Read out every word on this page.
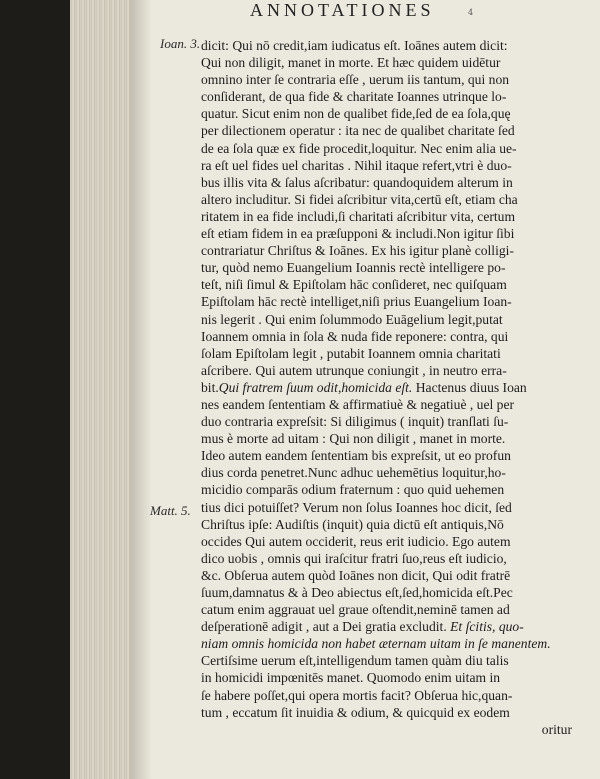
ANNOTATIONES	4
Ioan. 3.
Matt. 5.
dicit: Qui nō credit,iam iudicatus eſt. Ioānes autem dicit:
Qui non diligit, manet in morte. Et hæc quidem uidētur
omnino inter ſe contraria eſſe , uerum iis tantum, qui non
conſiderant, de qua fide & charitate Ioannes utrinque lo-
quatur. Sicut enim non de qualibet fide,ſed de ea ſola,quę
per dilectionem operatur : ita nec de qualibet charitate ſed
de ea ſola quæ ex fide procedit,loquitur. Nec enim alia ue-
ra eſt uel fides uel charitas . Nihil itaque refert,vtri è duo-
bus illis vita & ſalus aſcribatur: quandoquidem alterum in
altero includitur. Si fidei aſcribitur vita,certū eſt, etiam cha
ritatem in ea fide includi,ſi charitati aſcribitur vita, certum
eſt etiam fidem in ea præſupponi & includi.Non igitur ſibi
contrariatur Chriſtus & Ioānes. Ex his igitur planè colligi-
tur, quòd nemo Euangelium Ioannis rectè intelligere po-
teſt, niſi ſimul & Epiſtolam hāc conſideret, nec quiſquam
Epiſtolam hāc rectè intelliget,niſi prius Euangelium Ioan-
nis legerit . Qui enim ſolummodo Euāgelium legit,putat
Ioannem omnia in ſola & nuda fide reponere: contra, qui
ſolam Epiſtolam legit , putabit Ioannem omnia charitati
aſcribere. Qui autem utrunque coniungit , in neutro erra-
bit.Qui fratrem ſuum odit,homicida eſt. Hactenus diuus Ioan
nes eandem ſententiam & affirmatiuè & negatiuè , uel per
duo contraria expreſsit: Si diligimus ( inquit) tranſlati ſu-
mus è morte ad uitam : Qui non diligit , manet in morte.
Ideo autem eandem ſententiam bis expreſsit, ut eo profun
dius corda penetret.Nunc adhuc uehemētius loquitur,ho-
micidio comparās odium fraternum : quo quid uehemen
tius dici potuiſſet? Verum non ſolus Ioannes hoc dicit, ſed
Chriſtus ipſe: Audiſtis (inquit) quia dictū eſt antiquis,Nō
occides Qui autem occiderit, reus erit iudicio. Ego autem
dico uobis , omnis qui iraſcitur fratri ſuo,reus eſt iudicio,
&c. Obſerua autem quòd Ioānes non dicit, Qui odit fratrē
ſuum,damnatus & à Deo abiectus eſt,ſed,homicida eſt.Pec
catum enim aggrauat uel graue oſtendit,neminē tamen ad
deſperationē adigit , aut a Dei gratia excludit. Et ſcitis, quo-
niam omnis homicida non habet æternam uitam in ſe manentem.
Certiſsime uerum eſt,intelligendum tamen quàm diu talis
in homicidi impœnitēs manet. Quomodo enim uitam in
ſe habere poſſet,qui opera mortis facit? Obſerua hic,quan-
tum , eccatum ſit inuidia & odium, & quicquid ex eodem
oritur
